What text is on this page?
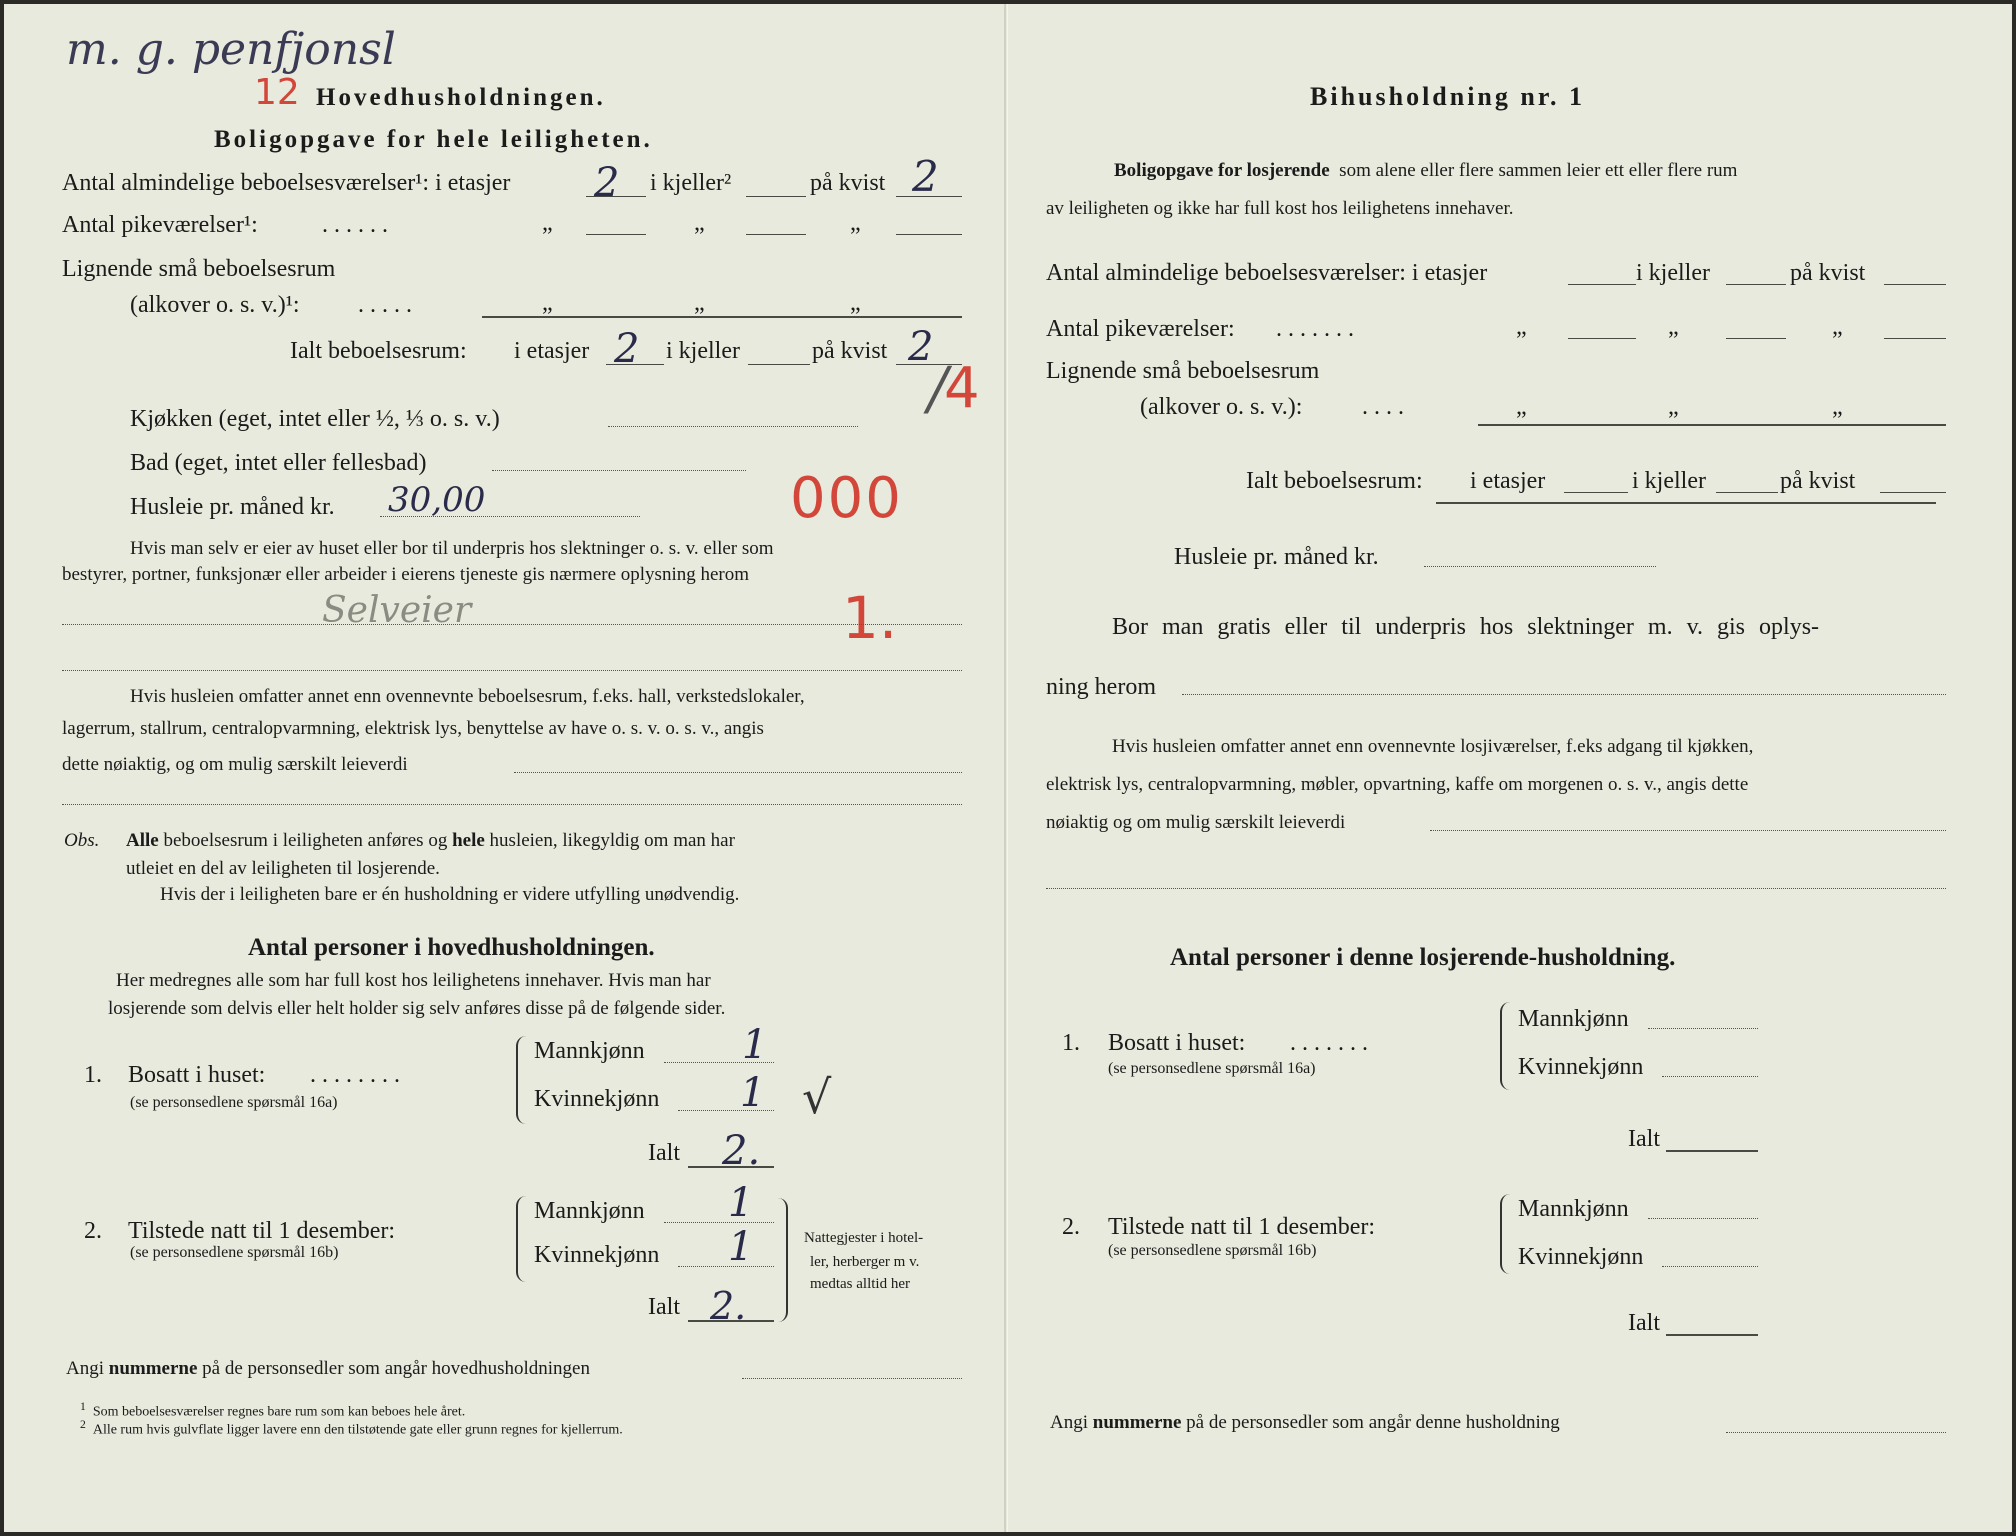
m. g. penfjonsl
12 Hovedhusholdningen.
Boligopgave for hele leiligheten.
Antal almindelige beboelsesværelser¹: i etasjer 2 i kjeller²	på kvist 2
Antal pikeværelser¹:	. . . . . .	„	„	„
Lignende små beboelsesrum
(alkover o. s. v.)¹: . . . . .	„	„	„
Ialt beboelsesrum: i etasjer 2 i kjeller	på kvist 2
/
4
Kjøkken (eget, intet eller ½, ⅓ o. s. v.)
Bad (eget, intet eller fellesbad)
Husleie pr. måned kr. 30,00	000
Hvis man selv er eier av huset eller bor til underpris hos slektninger o. s. v. eller som
bestyrer, portner, funksjonær eller arbeider i eierens tjeneste gis nærmere oplysning herom
Selveier	1.
Hvis husleien omfatter annet enn ovennevnte beboelsesrum, f.eks. hall, verkstedslokaler,
lagerrum, stallrum, centralopvarmning, elektrisk lys, benyttelse av have o. s. v. o. s. v., angis
dette nøiaktig, og om mulig særskilt leieverdi
Obs. Alle beboelsesrum i leiligheten anføres og hele husleien, likegyldig om man har
utleiet en del av leiligheten til losjerende.
Hvis der i leiligheten bare er én husholdning er videre utfylling unødvendig.
Antal personer i hovedhusholdningen.
Her medregnes alle som har full kost hos leilighetens innehaver. Hvis man har
losjerende som delvis eller helt holder sig selv anføres disse på de følgende sider.
1. Bosatt i huset: . . . . . . . .
(se personsedlene spørsmål 16a)
Mannkjønn 1
Kvinnekjønn 1 √
Ialt 2.
2. Tilstede natt til 1 desember:
(se personsedlene spørsmål 16b)
Mannkjønn 1
Kvinnekjønn 1
Ialt 2.
Nattegjester i hotel-
ler, herberger m v.
medtas alltid her
Angi nummerne på de personsedler som angår hovedhusholdningen
$^1$ Som beboelsesværelser regnes bare rum som kan beboes hele året.
$^2$ Alle rum hvis gulvflate ligger lavere enn den tilstøtende gate eller grunn regnes for kjellerrum.
Bihusholdning nr. 1
Boligopgave for losjerende som alene eller flere sammen leier ett eller flere rum
av leiligheten og ikke har full kost hos leilighetens innehaver.
Antal almindelige beboelsesværelser: i etasjer	i kjeller	på kvist
Antal pikeværelser: . . . . . . .	„	„	„
Lignende små beboelsesrum
(alkover o. s. v.): . . . .	„	„	„
Ialt beboelsesrum: i etasjer	i kjeller	på kvist
Husleie pr. måned kr.
Bor man gratis eller til underpris hos slektninger m. v. gis oplys-
ning herom
Hvis husleien omfatter annet enn ovennevnte losjiværelser, f.eks adgang til kjøkken,
elektrisk lys, centralopvarmning, møbler, opvartning, kaffe om morgenen o. s. v., angis dette
nøiaktig og om mulig særskilt leieverdi
Antal personer i denne losjerende-husholdning.
1. Bosatt i huset: . . . . . . .
(se personsedlene spørsmål 16a)
Mannkjønn
Kvinnekjønn
Ialt
2. Tilstede natt til 1 desember:
(se personsedlene spørsmål 16b)
Mannkjønn
Kvinnekjønn
Ialt
Angi nummerne på de personsedler som angår denne husholdning
